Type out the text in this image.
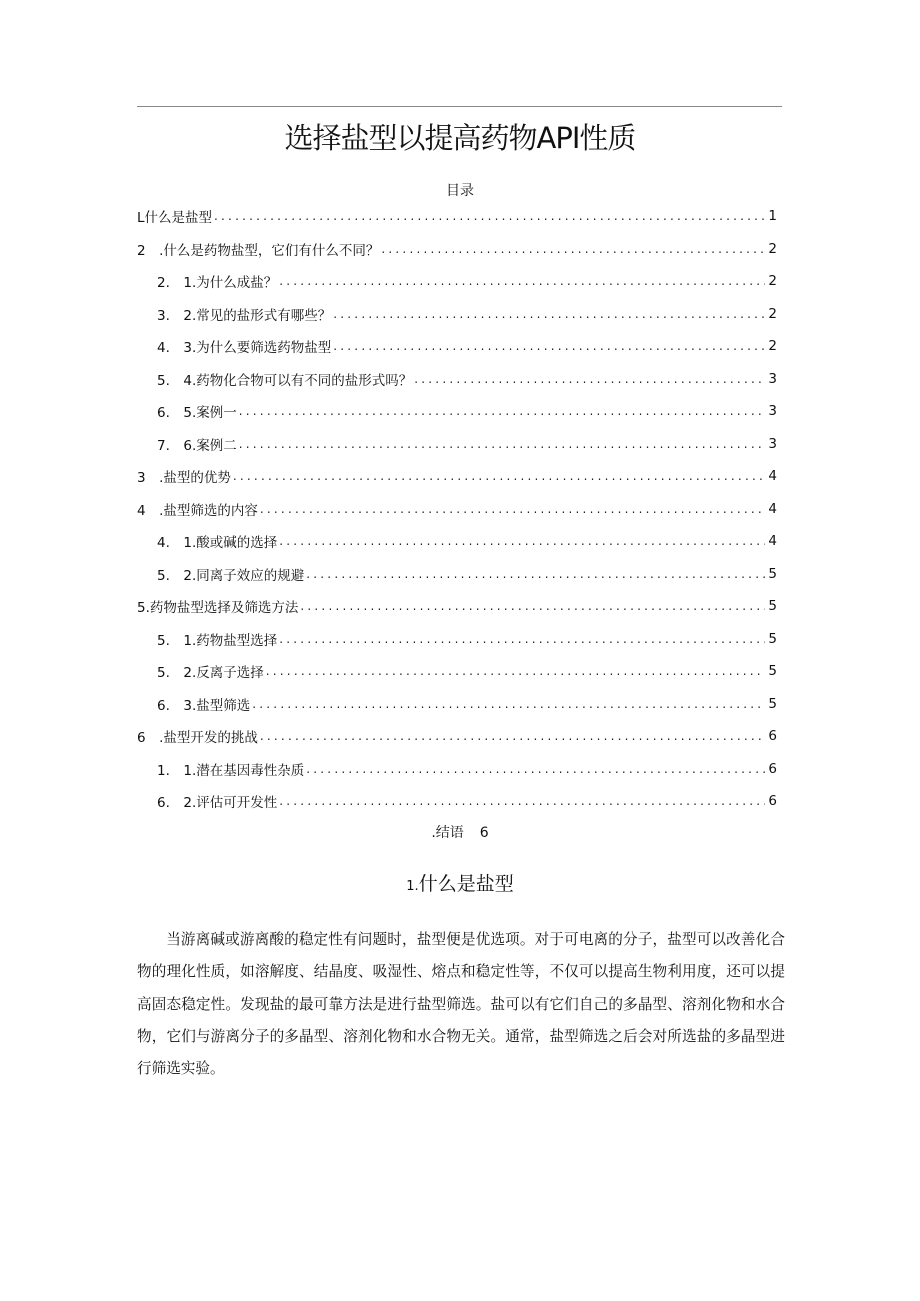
选择盐型以提高药物API性质
目录
L什么是盐型 .....	1
2　.什么是药物盐型，它们有什么不同？ .....	2
2.　1.为什么成盐？ .....	2
3.　2.常见的盐形式有哪些？ .....	2
4.　3.为什么要筛选药物盐型 .....	2
5.　4.药物化合物可以有不同的盐形式吗？ .....	3
6.　5.案例一 .....	3
7.　6.案例二 .....	3
3　.盐型的优势 .....	4
4　.盐型筛选的内容 .....	4
4.　1.酸或碱的选择 .....	4
5.　2.同离子效应的规避 .....	5
5.药物盐型选择及筛选方法 .....	5
5.　1.药物盐型选择 .....	5
5.　2.反离子选择 .....	5
6.　3.盐型筛选 .....	5
6　.盐型开发的挑战 .....	6
1.　1.潜在基因毒性杂质 .....	6
6.　2.评估可开发性 .....	6
.结语 6
1.什么是盐型
当游离碱或游离酸的稳定性有问题时，盐型便是优选项。对于可电离的分子，盐型可以改善化合物的理化性质，如溶解度、结晶度、吸湿性、熔点和稳定性等，不仅可以提高生物利用度，还可以提高固态稳定性。发现盐的最可靠方法是进行盐型筛选。盐可以有它们自己的多晶型、溶剂化物和水合物，它们与游离分子的多晶型、溶剂化物和水合物无关。通常，盐型筛选之后会对所选盐的多晶型进行筛选实验。
